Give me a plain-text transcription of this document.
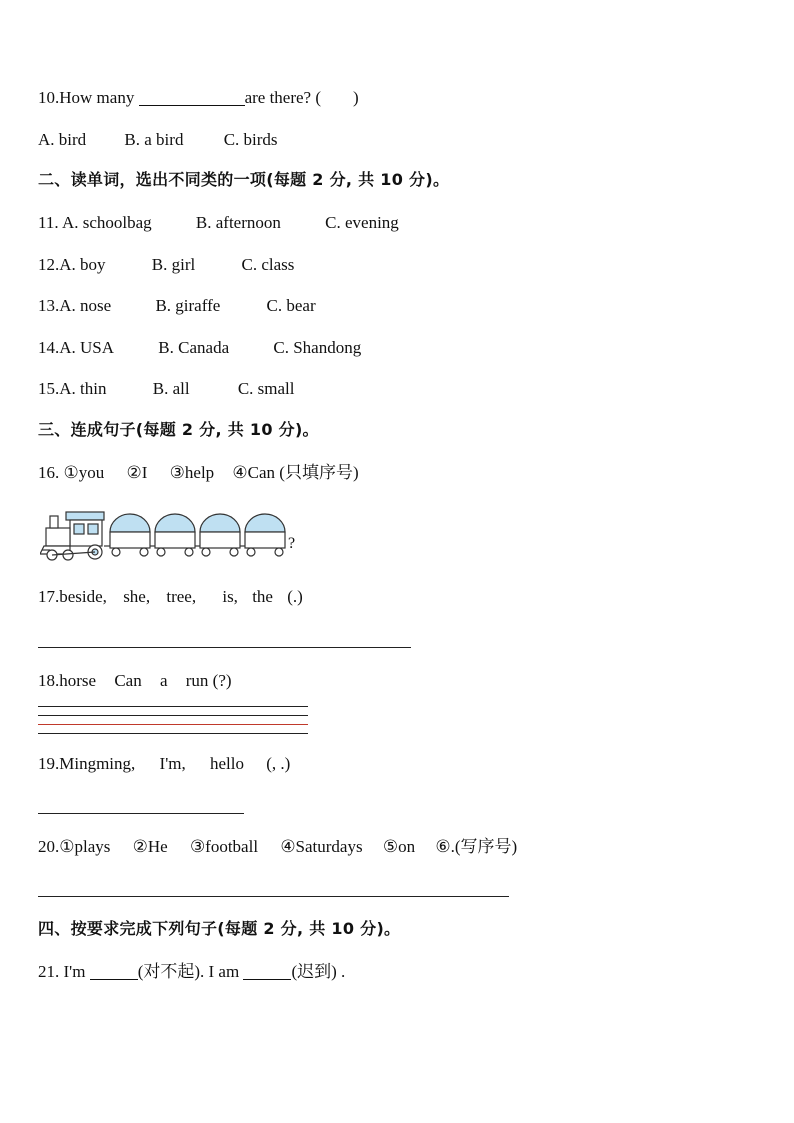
10.How many	are there? ( )
A. bird B. a bird C. birds
二、读单词，选出不同类的一项(每题 2 分, 共 10 分)。
11. A. schoolbag	B. afternoon	C. evening
12.A. boy	B. girl	C. class
13.A. nose	B. giraffe	C. bear
14.A. USA	B. Canada	C. Shandong
15.A. thin	B. all	C. small
三、连成句子(每题 2 分, 共 10 分)。
16. ①you ②I ③help ④Can (只填序号)
?
17.beside, she, tree, is, the (.)
18.horse Can a run (?)
19.Mingming, I'm, hello (, .)
20.①plays ②He ③football ④Saturdays ⑤on ⑥.(写序号)
四、按要求完成下列句子(每题 2 分, 共 10 分)。
21. I'm	(对不起). I am	(迟到) .
